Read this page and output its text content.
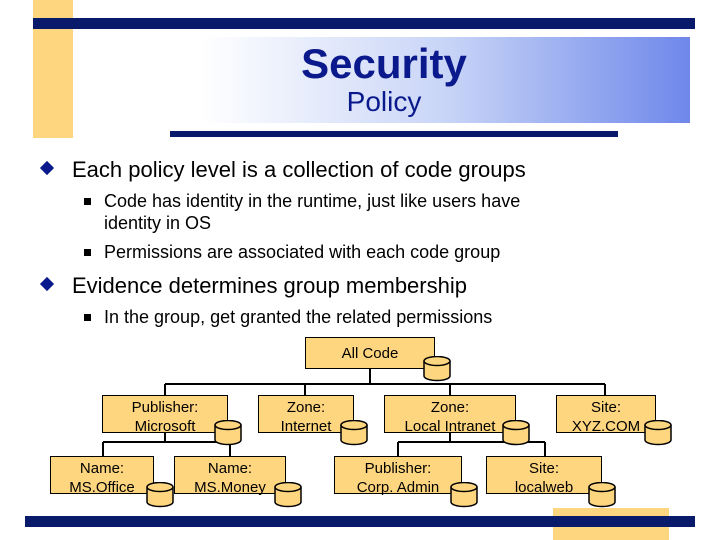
Security
Policy
Each policy level is a collection of code groups
Code has identity in the runtime, just like users have
identity in OS
Permissions are associated with each code group
Evidence determines group membership
In the group, get granted the related permissions
All Code
Publisher:
Microsoft
Zone:
Internet
Zone:
Local Intranet
Site:
XYZ.COM
Name:
MS.Office
Name:
MS.Money
Publisher:
Corp. Admin
Site:
localweb
